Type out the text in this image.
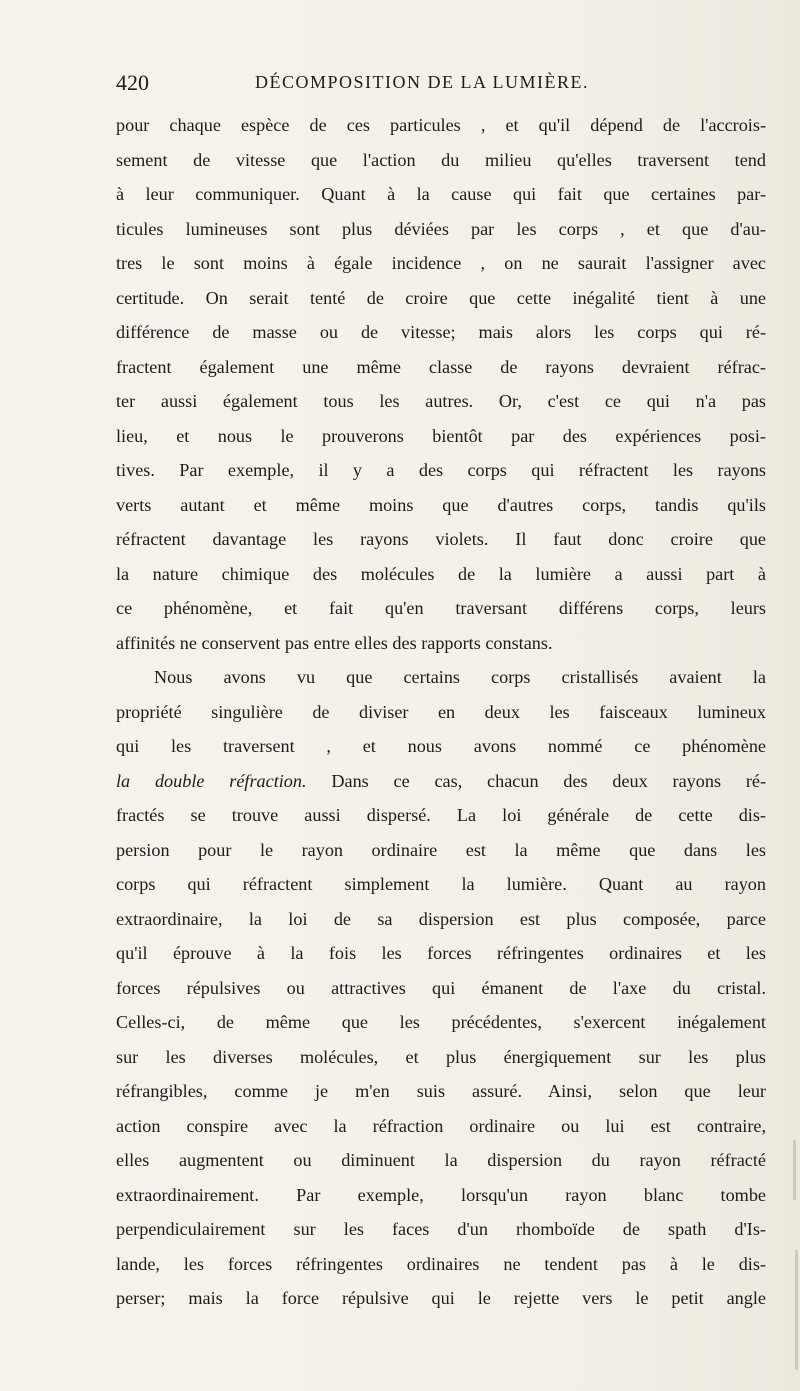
420	DÉCOMPOSITION DE LA LUMIÈRE.
pour chaque espèce de ces particules , et qu'il dépend de l'accrois-
sement de vitesse que l'action du milieu qu'elles traversent tend
à leur communiquer. Quant à la cause qui fait que certaines par-
ticules lumineuses sont plus déviées par les corps , et que d'au-
tres le sont moins à égale incidence , on ne saurait l'assigner avec
certitude. On serait tenté de croire que cette inégalité tient à une
différence de masse ou de vitesse; mais alors les corps qui ré-
fractent également une même classe de rayons devraient réfrac-
ter aussi également tous les autres. Or, c'est ce qui n'a pas
lieu, et nous le prouverons bientôt par des expériences posi-
tives. Par exemple, il y a des corps qui réfractent les rayons
verts autant et même moins que d'autres corps, tandis qu'ils
réfractent davantage les rayons violets. Il faut donc croire que
la nature chimique des molécules de la lumière a aussi part à
ce phénomène, et fait qu'en traversant différens corps, leurs
affinités ne conservent pas entre elles des rapports constans.
Nous avons vu que certains corps cristallisés avaient la
propriété singulière de diviser en deux les faisceaux lumineux
qui les traversent , et nous avons nommé ce phénomène
la double réfraction. Dans ce cas, chacun des deux rayons ré-
fractés se trouve aussi dispersé. La loi générale de cette dis-
persion pour le rayon ordinaire est la même que dans les
corps qui réfractent simplement la lumière. Quant au rayon
extraordinaire, la loi de sa dispersion est plus composée, parce
qu'il éprouve à la fois les forces réfringentes ordinaires et les
forces répulsives ou attractives qui émanent de l'axe du cristal.
Celles-ci, de même que les précédentes, s'exercent inégalement
sur les diverses molécules, et plus énergiquement sur les plus
réfrangibles, comme je m'en suis assuré. Ainsi, selon que leur
action conspire avec la réfraction ordinaire ou lui est contraire,
elles augmentent ou diminuent la dispersion du rayon réfracté
extraordinairement. Par exemple, lorsqu'un rayon blanc tombe
perpendiculairement sur les faces d'un rhomboïde de spath d'Is-
lande, les forces réfringentes ordinaires ne tendent pas à le dis-
perser; mais la force répulsive qui le rejette vers le petit angle
